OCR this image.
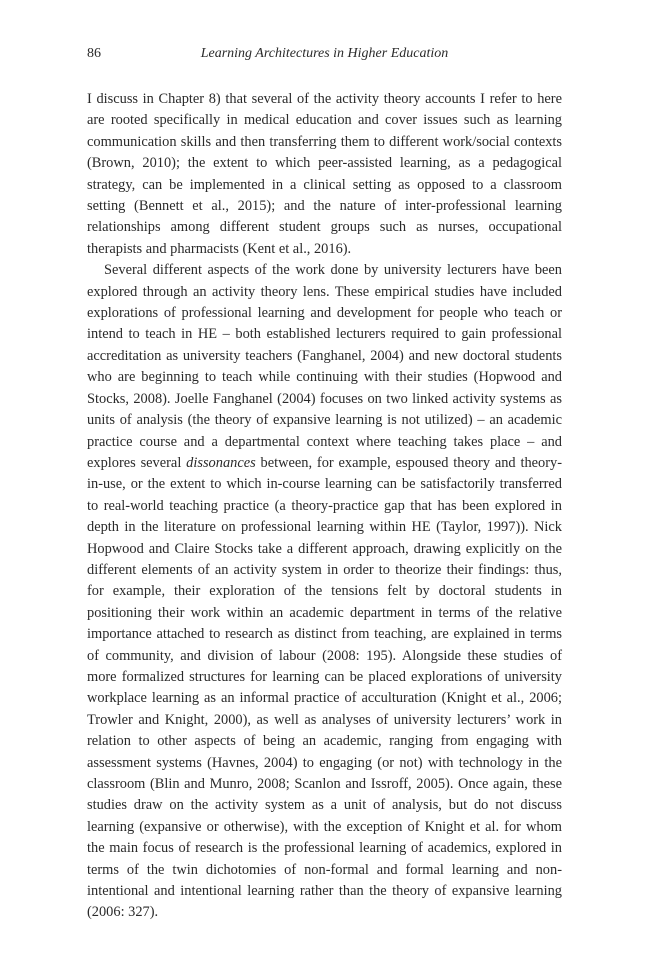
86	Learning Architectures in Higher Education

I discuss in Chapter 8) that several of the activity theory accounts I refer to here are rooted specifically in medical education and cover issues such as learning communication skills and then transferring them to different work/social contexts (Brown, 2010); the extent to which peer-assisted learning, as a pedagogical strategy, can be implemented in a clinical setting as opposed to a classroom setting (Bennett et al., 2015); and the nature of inter-professional learning relationships among different student groups such as nurses, occupational therapists and pharmacists (Kent et al., 2016).

Several different aspects of the work done by university lecturers have been explored through an activity theory lens. These empirical studies have included explorations of professional learning and development for people who teach or intend to teach in HE – both established lecturers required to gain professional accreditation as university teachers (Fanghanel, 2004) and new doctoral students who are beginning to teach while continuing with their studies (Hopwood and Stocks, 2008). Joelle Fanghanel (2004) focuses on two linked activity systems as units of analysis (the theory of expansive learning is not utilized) – an academic practice course and a departmental context where teaching takes place – and explores several dissonances between, for example, espoused theory and theory-in-use, or the extent to which in-course learning can be satisfactorily transferred to real-world teaching practice (a theory-practice gap that has been explored in depth in the literature on professional learning within HE (Taylor, 1997)). Nick Hopwood and Claire Stocks take a different approach, drawing explicitly on the different elements of an activity system in order to theorize their findings: thus, for example, their exploration of the tensions felt by doctoral students in positioning their work within an academic department in terms of the relative importance attached to research as distinct from teaching, are explained in terms of community, and division of labour (2008: 195). Alongside these studies of more formalized structures for learning can be placed explorations of university workplace learning as an informal practice of acculturation (Knight et al., 2006; Trowler and Knight, 2000), as well as analyses of university lecturers’ work in relation to other aspects of being an academic, ranging from engaging with assessment systems (Havnes, 2004) to engaging (or not) with technology in the classroom (Blin and Munro, 2008; Scanlon and Issroff, 2005). Once again, these studies draw on the activity system as a unit of analysis, but do not discuss learning (expansive or otherwise), with the exception of Knight et al. for whom the main focus of research is the professional learning of academics, explored in terms of the twin dichotomies of non-formal and formal learning and non-intentional and intentional learning rather than the theory of expansive learning (2006: 327).
